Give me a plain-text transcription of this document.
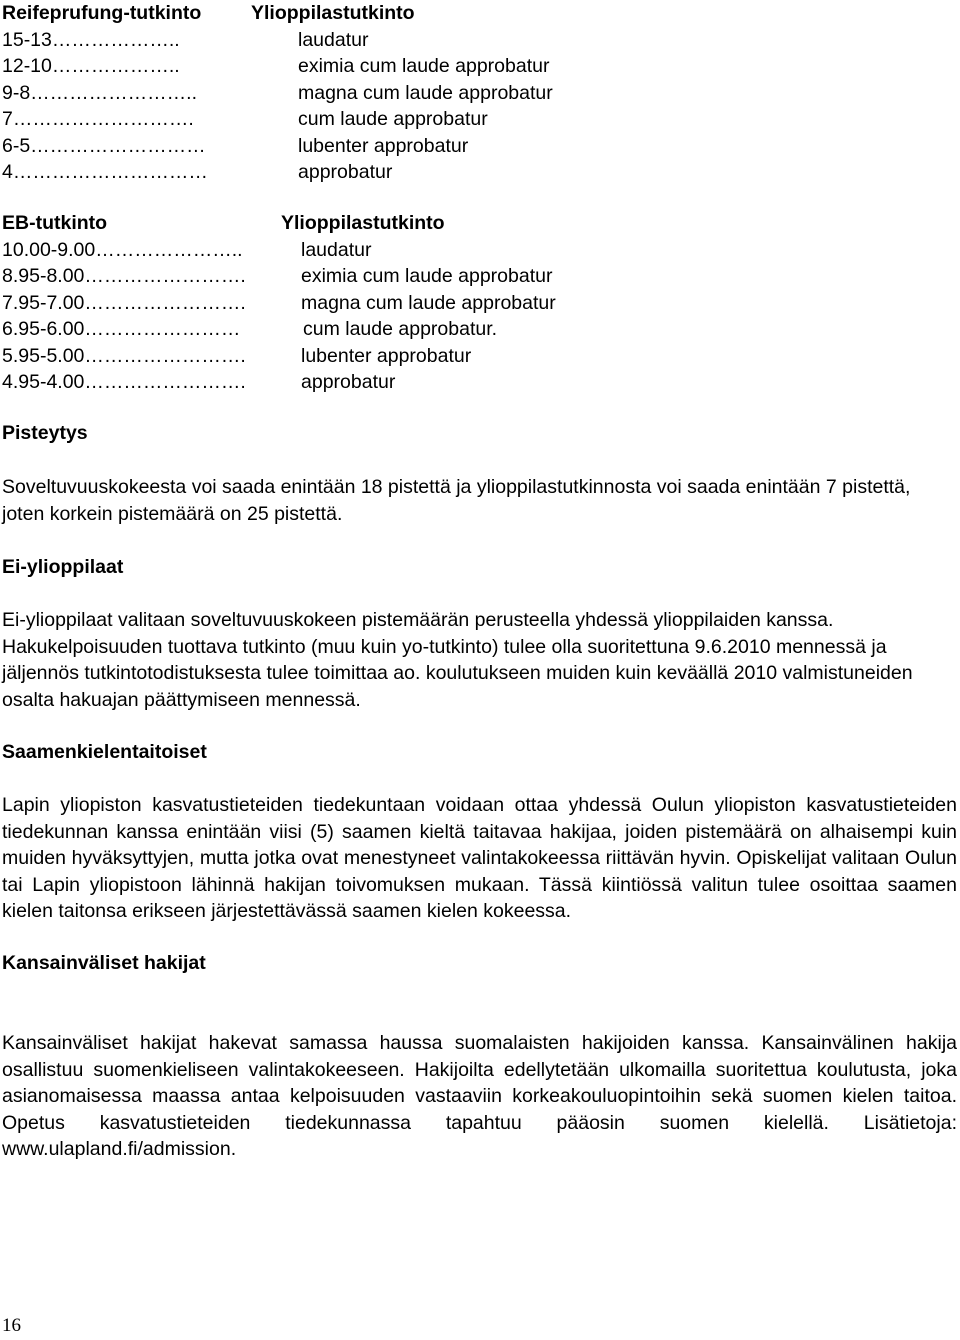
Reifeprufung-tutkinto	Ylioppilastutkinto
15-13………………..	laudatur
12-10………………..	eximia cum laude approbatur
9-8……………………..	magna cum laude approbatur
7……………………….	cum laude approbatur
6-5………………………	lubenter approbatur
4…………………………	approbatur
EB-tutkinto	Ylioppilastutkinto
10.00-9.00…………………..	laudatur
8.95-8.00…………………….	eximia cum laude approbatur
7.95-7.00…………………….	magna cum laude approbatur
6.95-6.00……………………	cum laude approbatur.
5.95-5.00…………………….	lubenter approbatur
4.95-4.00…………………….	approbatur
Pisteytys

Soveltuvuuskokeesta voi saada enintään 18 pistettä ja ylioppilastutkinnosta voi saada enintään 7 pistettä, joten korkein pistemäärä on 25 pistettä.

Ei-ylioppilaat

Ei-ylioppilaat valitaan soveltuvuuskokeen pistemäärän perusteella yhdessä ylioppilaiden kanssa. Hakukelpoisuuden tuottava tutkinto (muu kuin yo-tutkinto) tulee olla suoritettuna 9.6.2010 mennessä ja jäljennös tutkintotodistuksesta tulee toimittaa ao. koulutukseen muiden kuin keväällä 2010 valmistuneiden osalta hakuajan päättymiseen mennessä.

Saamenkielentaitoiset

Lapin yliopiston kasvatustieteiden tiedekuntaan voidaan ottaa yhdessä Oulun yliopiston kasvatustieteiden tiedekunnan kanssa enintään viisi (5) saamen kieltä taitavaa hakijaa, joiden pistemäärä on alhaisempi kuin muiden hyväksyttyjen, mutta jotka ovat menestyneet valintakokeessa riittävän hyvin. Opiskelijat valitaan Oulun tai Lapin yliopistoon lähinnä hakijan toivomuksen mukaan. Tässä kiintiössä valitun tulee osoittaa saamen kielen taitonsa erikseen järjestettävässä saamen kielen kokeessa.

Kansainväliset hakijat

Kansainväliset hakijat hakevat samassa haussa suomalaisten hakijoiden kanssa. Kansainvälinen hakija osallistuu suomenkieliseen valintakokeeseen. Hakijoilta edellytetään ulkomailla suoritettua koulutusta, joka asianomaisessa maassa antaa kelpoisuuden vastaaviin korkeakouluopintoihin sekä suomen kielen taitoa. Opetus kasvatustieteiden tiedekunnassa tapahtuu pääosin suomen kielellä. Lisätietoja: www.ulapland.fi/admission.

16
